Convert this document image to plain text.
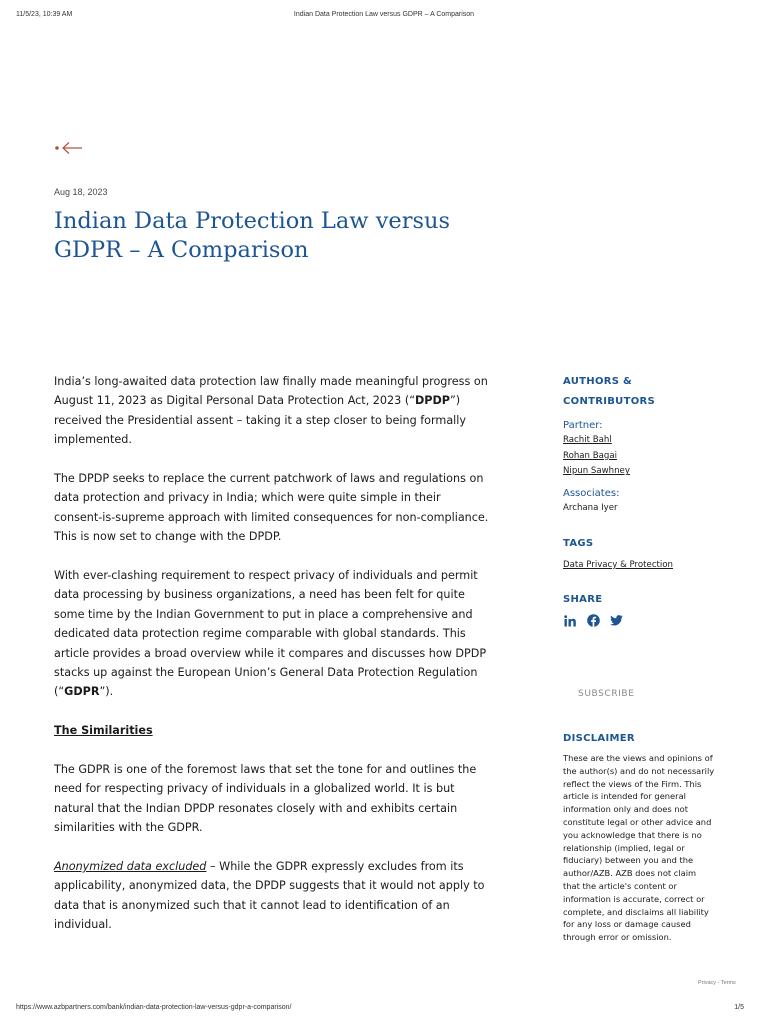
11/5/23, 10:39 AM	Indian Data Protection Law versus GDPR – A Comparison
Aug 18, 2023
Indian Data Protection Law versus GDPR – A Comparison

India’s long-awaited data protection law finally made meaningful progress on August 11, 2023 as Digital Personal Data Protection Act, 2023 (“DPDP”) received the Presidential assent – taking it a step closer to being formally implemented.

The DPDP seeks to replace the current patchwork of laws and regulations on data protection and privacy in India; which were quite simple in their consent-is-supreme approach with limited consequences for non-compliance. This is now set to change with the DPDP.

With ever-clashing requirement to respect privacy of individuals and permit data processing by business organizations, a need has been felt for quite some time by the Indian Government to put in place a comprehensive and dedicated data protection regime comparable with global standards. This article provides a broad overview while it compares and discusses how DPDP stacks up against the European Union’s General Data Protection Regulation (“GDPR”).

The Similarities

The GDPR is one of the foremost laws that set the tone for and outlines the need for respecting privacy of individuals in a globalized world. It is but natural that the Indian DPDP resonates closely with and exhibits certain similarities with the GDPR.

Anonymized data excluded – While the GDPR expressly excludes from its applicability, anonymized data, the DPDP suggests that it would not apply to data that is anonymized such that it cannot lead to identification of an individual.

AUTHORS & CONTRIBUTORS
Partner:
Rachit Bahl
Rohan Bagai
Nipun Sawhney
Associates:
Archana Iyer
TAGS
Data Privacy & Protection
SHARE
SUBSCRIBE
DISCLAIMER
These are the views and opinions of the author(s) and do not necessarily reflect the views of the Firm. This article is intended for general information only and does not constitute legal or other advice and you acknowledge that there is no relationship (implied, legal or fiduciary) between you and the author/AZB. AZB does not claim that the article's content or information is accurate, correct or complete, and disclaims all liability for any loss or damage caused through error or omission.
Privacy - Terms
https://www.azbpartners.com/bank/indian-data-protection-law-versus-gdpr-a-comparison/	1/5
